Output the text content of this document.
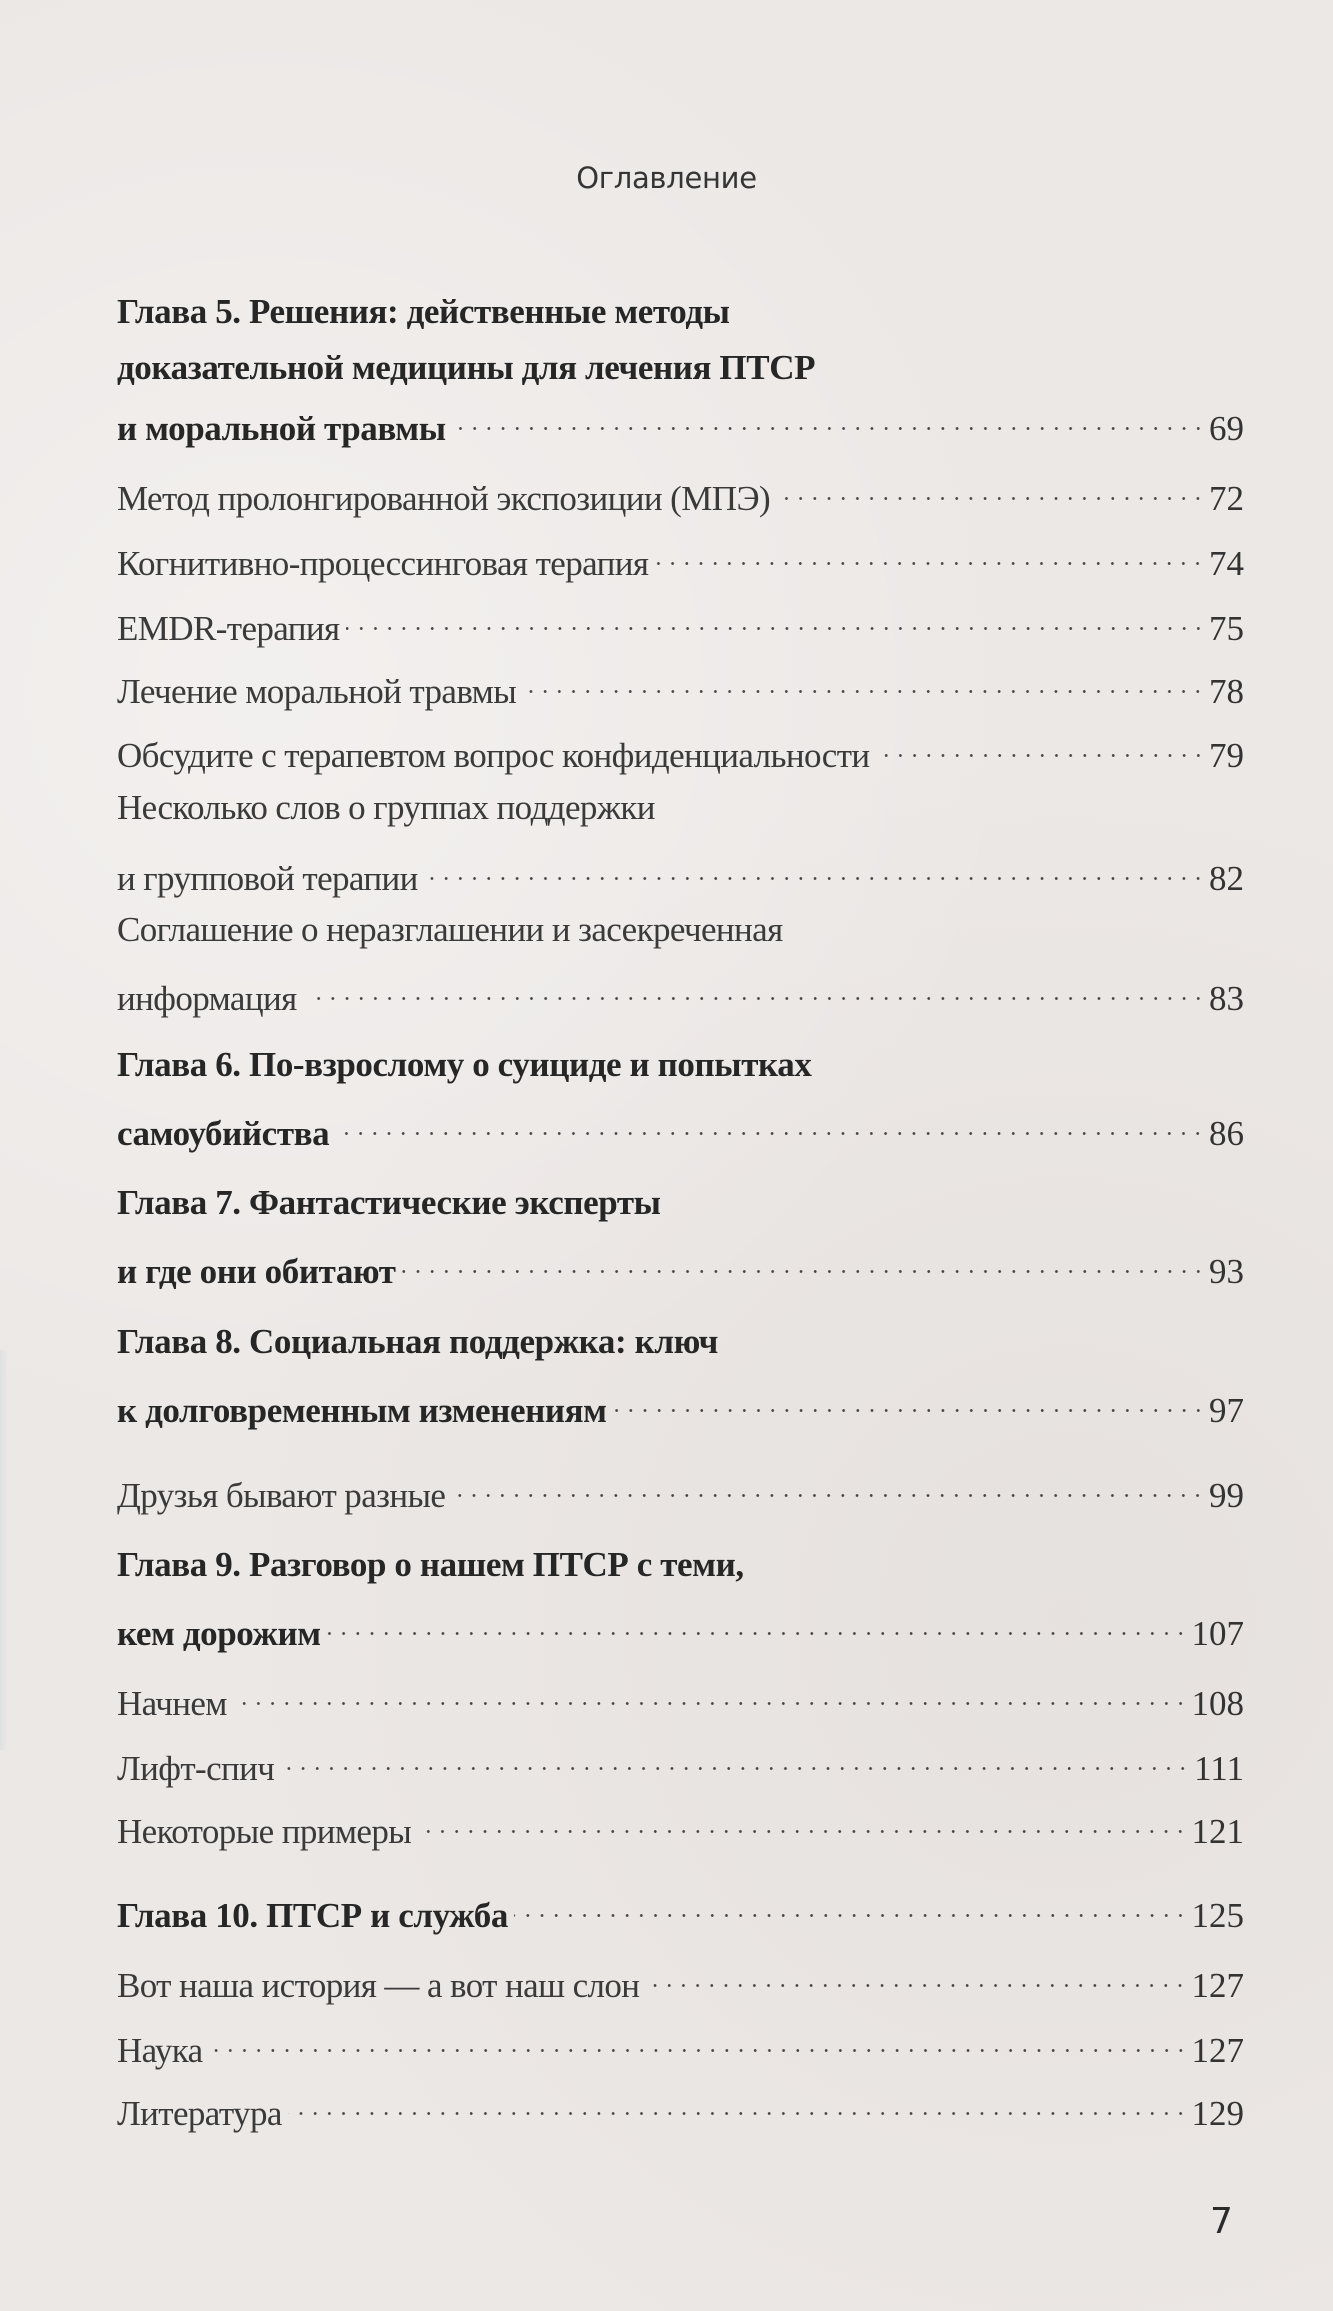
Оглавление
Глава 5. Решения: действенные методы
доказательной медицины для лечения ПТСР
и моральной травмы	69
Метод пролонгированной экспозиции (МПЭ)	72
Когнитивно-процессинговая терапия	74
EMDR-терапия	75
Лечение моральной травмы	78
Обсудите с терапевтом вопрос конфиденциальности	79
Несколько слов о группах поддержки
и групповой терапии	82
Соглашение о неразглашении и засекреченная
информация	83
Глава 6. По-взрослому о суициде и попытках
самоубийства	86
Глава 7. Фантастические эксперты
и где они обитают	93
Глава 8. Социальная поддержка: ключ
к долговременным изменениям	97
Друзья бывают разные	99
Глава 9. Разговор о нашем ПТСР с теми,
кем дорожим	107
Начнем	108
Лифт-спич	111
Некоторые примеры	121
Глава 10. ПТСР и служба	125
Вот наша история — а вот наш слон	127
Наука	127
Литература	129
7
